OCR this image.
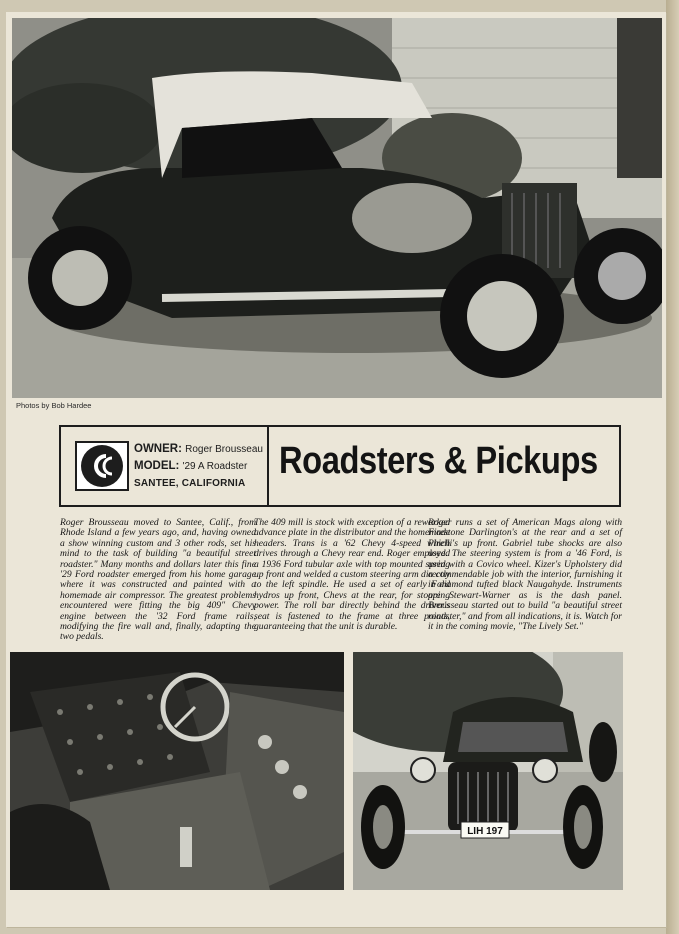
Photos by Bob Hardee
OWNER: Roger Brousseau
MODEL: '29 A Roadster
SANTEE, CALIFORNIA
Roadsters & Pickups
Roger Brousseau moved to Santee, Calif., from Rhode Island a few years ago, and, having owned a show winning custom and 3 other rods, set his mind to the task of building "a beautiful street roadster." Many months and dollars later this fine '29 Ford roadster emerged from his home garage where it was constructed and painted with a homemade air compressor. The greatest problems encountered were fitting the big 409" Chevy engine between the '32 Ford frame rails, modifying the fire wall and, finally, adapting the two pedals.
The 409 mill is stock with exception of a reworked advance plate in the distributor and the homemade headers. Trans is a '62 Chevy 4-speed which drives through a Chevy rear end. Roger employed a 1936 Ford tubular axle with top mounted spring up front and welded a custom steering arm directly to the left spindle. He used a set of early Ford hydros up front, Chevs at the rear, for stopping power. The roll bar directly behind the driver's seat is fastened to the frame at three points, guaranteeing that the unit is durable.
Roger runs a set of American Mags along with Firestone Darlington's at the rear and a set of Pirelli's up front. Gabriel tube shocks are also used. The steering system is from a '46 Ford, is used with a Covico wheel. Kizer's Upholstery did a commendable job with the interior, furnishing it in diamond tufted black Naugahyde. Instruments are Stewart-Warner as is the dash panel. Brousseau started out to build "a beautiful street roadster," and from all indications, it is. Watch for it in the coming movie, "The Lively Set."
LIH 197
